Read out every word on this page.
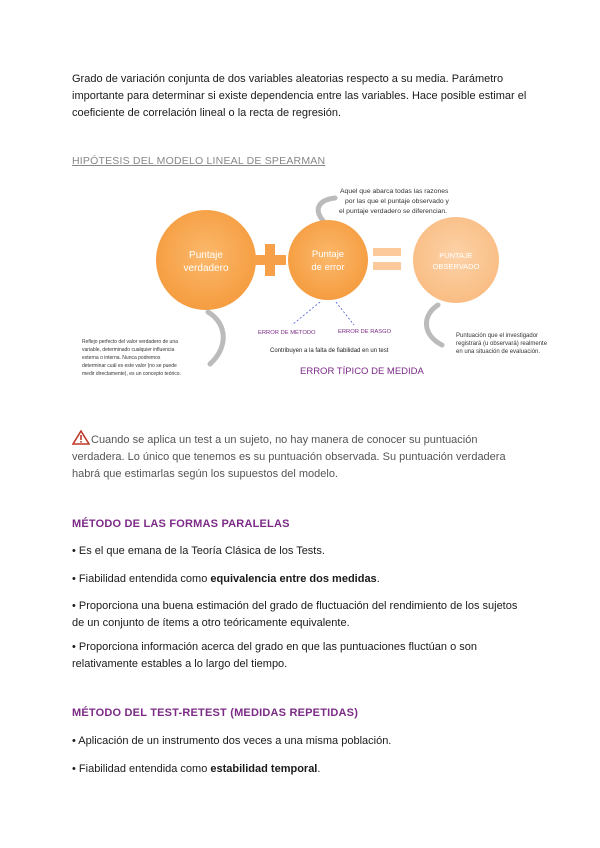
Grado de variación conjunta de dos variables aleatorias respecto a su media. Parámetro importante para determinar si existe dependencia entre las variables. Hace posible estimar el coeficiente de correlación lineal o la recta de regresión.
HIPÓTESIS DEL MODELO LINEAL DE SPEARMAN
Aquel que abarca todas las razones
por las que el puntaje observado y
el puntaje verdadero se diferencian.
Puntaje
verdadero
Puntaje
de error
PUNTAJE
OBSERVADO
ERROR DE MÉTODO	ERROR DE RASGO
Contribuyen a la falta de fiabilidad en un test
ERROR TÍPICO DE MEDIDA
Reflejo perfecto del valor verdadero de una
variable, determinado cualquier influencia
externa o interna. Nunca podremos
determinar cuál es este valor (no se puede
medir directamente), es un concepto teórico.
Puntuación que el investigador
registrará (u observará) realmente
en una situación de evaluación.
Cuando se aplica un test a un sujeto, no hay manera de conocer su puntuación verdadera. Lo único que tenemos es su puntuación observada. Su puntuación verdadera habrá que estimarlas según los supuestos del modelo.
MÉTODO DE LAS FORMAS PARALELAS
• Es el que emana de la Teoría Clásica de los Tests.
• Fiabilidad entendida como equivalencia entre dos medidas.
• Proporciona una buena estimación del grado de fluctuación del rendimiento de los sujetos de un conjunto de ítems a otro teóricamente equivalente.
• Proporciona información acerca del grado en que las puntuaciones fluctúan o son relativamente estables a lo largo del tiempo.
MÉTODO DEL TEST-RETEST (MEDIDAS REPETIDAS)
• Aplicación de un instrumento dos veces a una misma población.
• Fiabilidad entendida como estabilidad temporal.
